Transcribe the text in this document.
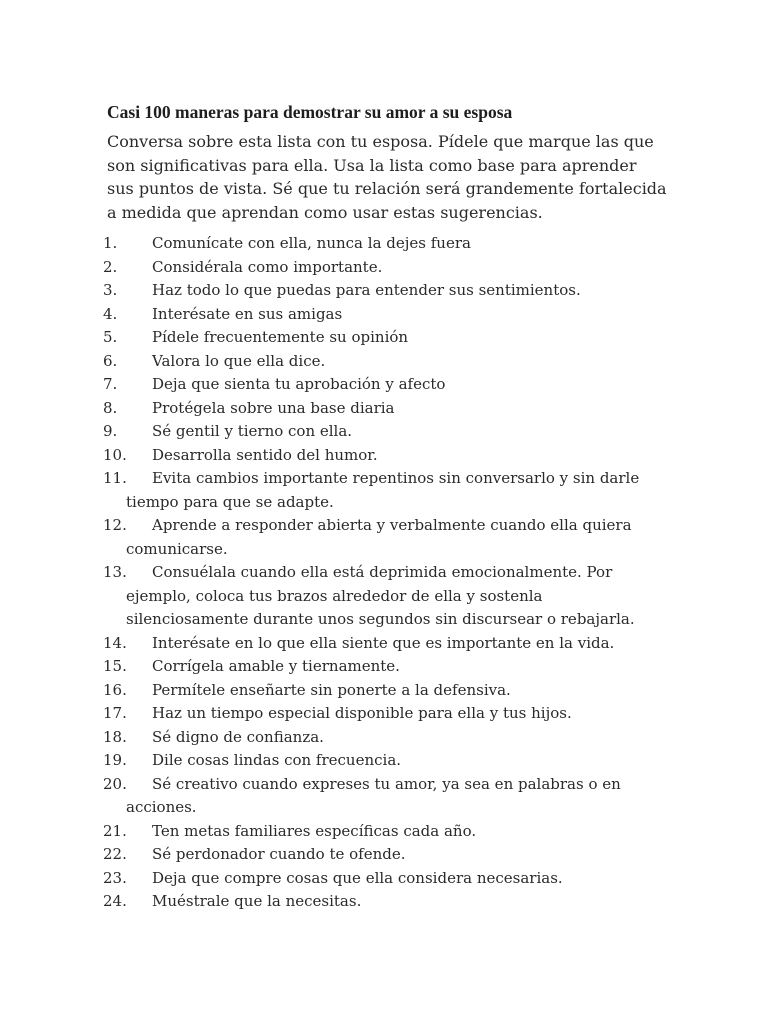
Casi 100 maneras para demostrar su amor a su esposa

Conversa sobre esta lista con tu esposa. Pídele que marque las que son significativas para ella. Usa la lista como base para aprender sus puntos de vista. Sé que tu relación será grandemente fortalecida a medida que aprendan como usar estas sugerencias.

1. Comunícate con ella, nunca la dejes fuera
2. Considérala como importante.
3. Haz todo lo que puedas para entender sus sentimientos.
4. Interésate en sus amigas
5. Pídele frecuentemente su opinión
6. Valora lo que ella dice.
7. Deja que sienta tu aprobación y afecto
8. Protégela sobre una base diaria
9. Sé gentil y tierno con ella.
10. Desarrolla sentido del humor.
11. Evita cambios importante repentinos sin conversarlo y sin darle tiempo para que se adapte.
12. Aprende a responder abierta y verbalmente cuando ella quiera comunicarse.
13. Consuélala cuando ella está deprimida emocionalmente. Por ejemplo, coloca tus brazos alrededor de ella y sostenla silenciosamente durante unos segundos sin discursear o rebajarla.
14. Interésate en lo que ella siente que es importante en la vida.
15. Corrígela amable y tiernamente.
16. Permítele enseñarte sin ponerte a la defensiva.
17. Haz un tiempo especial disponible para ella y tus hijos.
18. Sé digno de confianza.
19. Dile cosas lindas con frecuencia.
20. Sé creativo cuando expreses tu amor, ya sea en palabras o en acciones.
21. Ten metas familiares específicas cada año.
22. Sé perdonador cuando te ofende.
23. Deja que compre cosas que ella considera necesarias.
24. Muéstrale que la necesitas.
